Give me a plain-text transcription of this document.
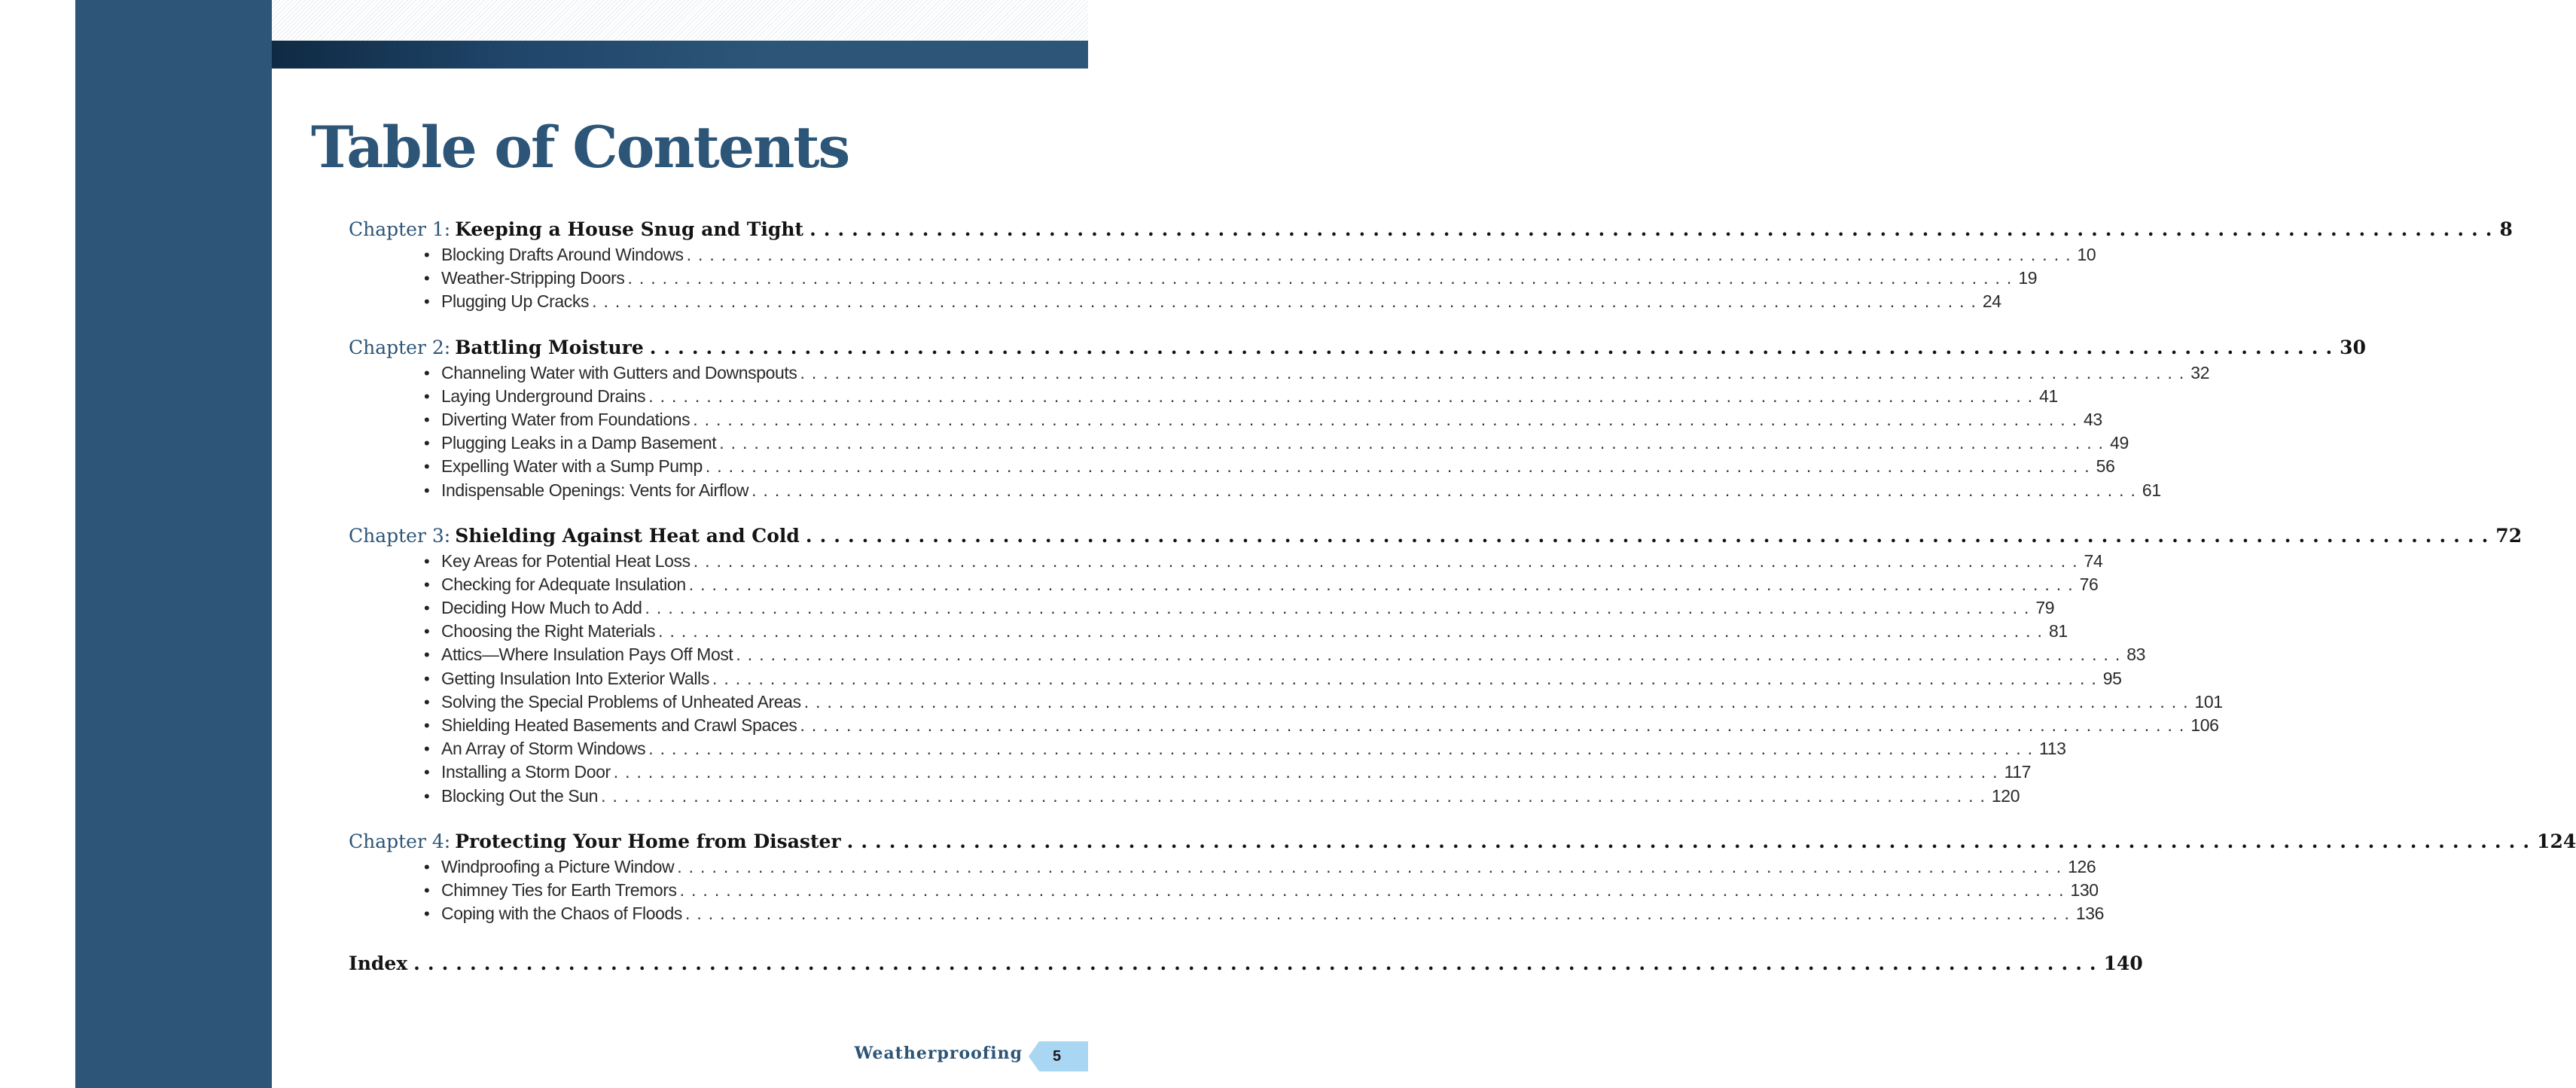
Table of Contents
Chapter 1: Keeping a House Snug and Tight ........................................................................................................................ 8
• Blocking Drafts Around Windows ........................................................................................................................ 10
• Weather-Stripping Doors ........................................................................................................................ 19
• Plugging Up Cracks ........................................................................................................................ 24
Chapter 2: Battling Moisture ........................................................................................................................ 30
• Channeling Water with Gutters and Downspouts ........................................................................................................................ 32
• Laying Underground Drains ........................................................................................................................ 41
• Diverting Water from Foundations ........................................................................................................................ 43
• Plugging Leaks in a Damp Basement ........................................................................................................................ 49
• Expelling Water with a Sump Pump ........................................................................................................................ 56
• Indispensable Openings: Vents for Airflow ........................................................................................................................ 61
Chapter 3: Shielding Against Heat and Cold ........................................................................................................................ 72
• Key Areas for Potential Heat Loss ........................................................................................................................ 74
• Checking for Adequate Insulation ........................................................................................................................ 76
• Deciding How Much to Add ........................................................................................................................ 79
• Choosing the Right Materials ........................................................................................................................ 81
• Attics—Where Insulation Pays Off Most ........................................................................................................................ 83
• Getting Insulation Into Exterior Walls ........................................................................................................................ 95
• Solving the Special Problems of Unheated Areas ........................................................................................................................ 101
• Shielding Heated Basements and Crawl Spaces ........................................................................................................................ 106
• An Array of Storm Windows ........................................................................................................................ 113
• Installing a Storm Door ........................................................................................................................ 117
• Blocking Out the Sun ........................................................................................................................ 120
Chapter 4: Protecting Your Home from Disaster ........................................................................................................................ 124
• Windproofing a Picture Window ........................................................................................................................ 126
• Chimney Ties for Earth Tremors ........................................................................................................................ 130
• Coping with the Chaos of Floods ........................................................................................................................ 136
Index ........................................................................................................................ 140
Weatherproofing 5
